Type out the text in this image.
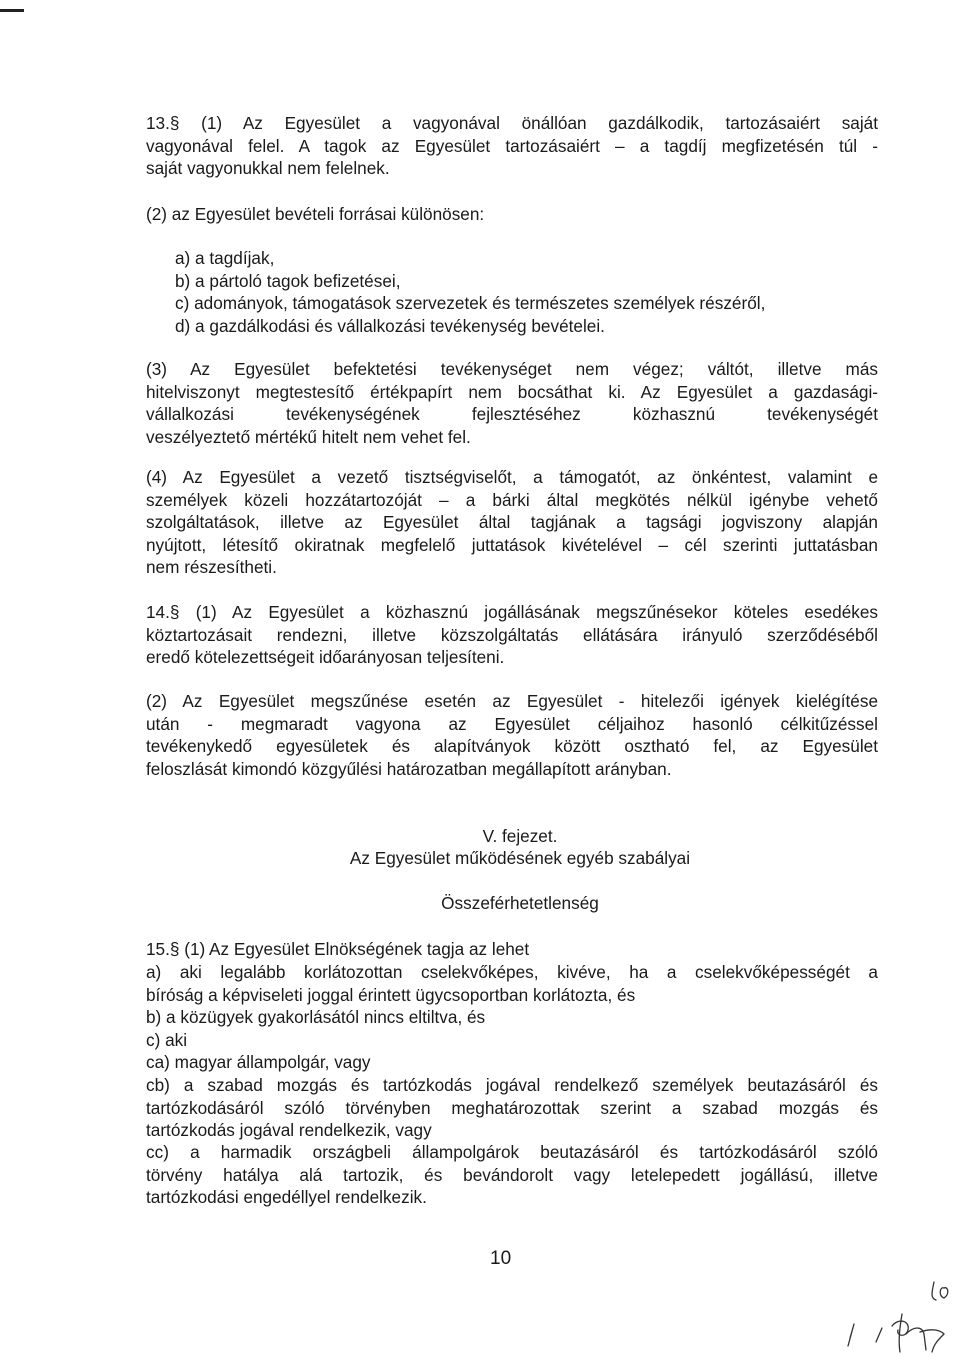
13.§ (1) Az Egyesület a vagyonával önállóan gazdálkodik, tartozásaiért saját
vagyonával felel. A tagok az Egyesület tartozásaiért – a tagdíj megfizetésén túl -
saját vagyonukkal nem felelnek.
(2) az Egyesület bevételi forrásai különösen:
a) a tagdíjak,
b) a pártoló tagok befizetései,
c) adományok, támogatások szervezetek és természetes személyek részéről,
d) a gazdálkodási és vállalkozási tevékenység bevételei.
(3) Az Egyesület befektetési tevékenységet nem végez; váltót, illetve más
hitelviszonyt megtestesítő értékpapírt nem bocsáthat ki. Az Egyesület a gazdasági-
vállalkozási tevékenységének fejlesztéséhez közhasznú tevékenységét
veszélyeztető mértékű hitelt nem vehet fel.
(4) Az Egyesület a vezető tisztségviselőt, a támogatót, az önkéntest, valamint e
személyek közeli hozzátartozóját – a bárki által megkötés nélkül igénybe vehető
szolgáltatások, illetve az Egyesület által tagjának a tagsági jogviszony alapján
nyújtott, létesítő okiratnak megfelelő juttatások kivételével – cél szerinti juttatásban
nem részesítheti.
14.§ (1) Az Egyesület a közhasznú jogállásának megszűnésekor köteles esedékes
köztartozásait rendezni, illetve közszolgáltatás ellátására irányuló szerződéséből
eredő kötelezettségeit időarányosan teljesíteni.
(2) Az Egyesület megszűnése esetén az Egyesület - hitelezői igények kielégítése
után - megmaradt vagyona az Egyesület céljaihoz hasonló célkitűzéssel
tevékenykedő egyesületek és alapítványok között osztható fel, az Egyesület
feloszlását kimondó közgyűlési határozatban megállapított arányban.
V. fejezet.
Az Egyesület működésének egyéb szabályai
Összeférhetetlenség
15.§ (1) Az Egyesület Elnökségének tagja az lehet
a) aki legalább korlátozottan cselekvőképes, kivéve, ha a cselekvőképességét a
bíróság a képviseleti joggal érintett ügycsoportban korlátozta, és
b) a közügyek gyakorlásától nincs eltiltva, és
c) aki
ca) magyar állampolgár, vagy
cb) a szabad mozgás és tartózkodás jogával rendelkező személyek beutazásáról és
tartózkodásáról szóló törvényben meghatározottak szerint a szabad mozgás és
tartózkodás jogával rendelkezik, vagy
cc) a harmadik országbeli állampolgárok beutazásáról és tartózkodásáról szóló
törvény hatálya alá tartozik, és bevándorolt vagy letelepedett jogállású, illetve
tartózkodási engedéllyel rendelkezik.
10
